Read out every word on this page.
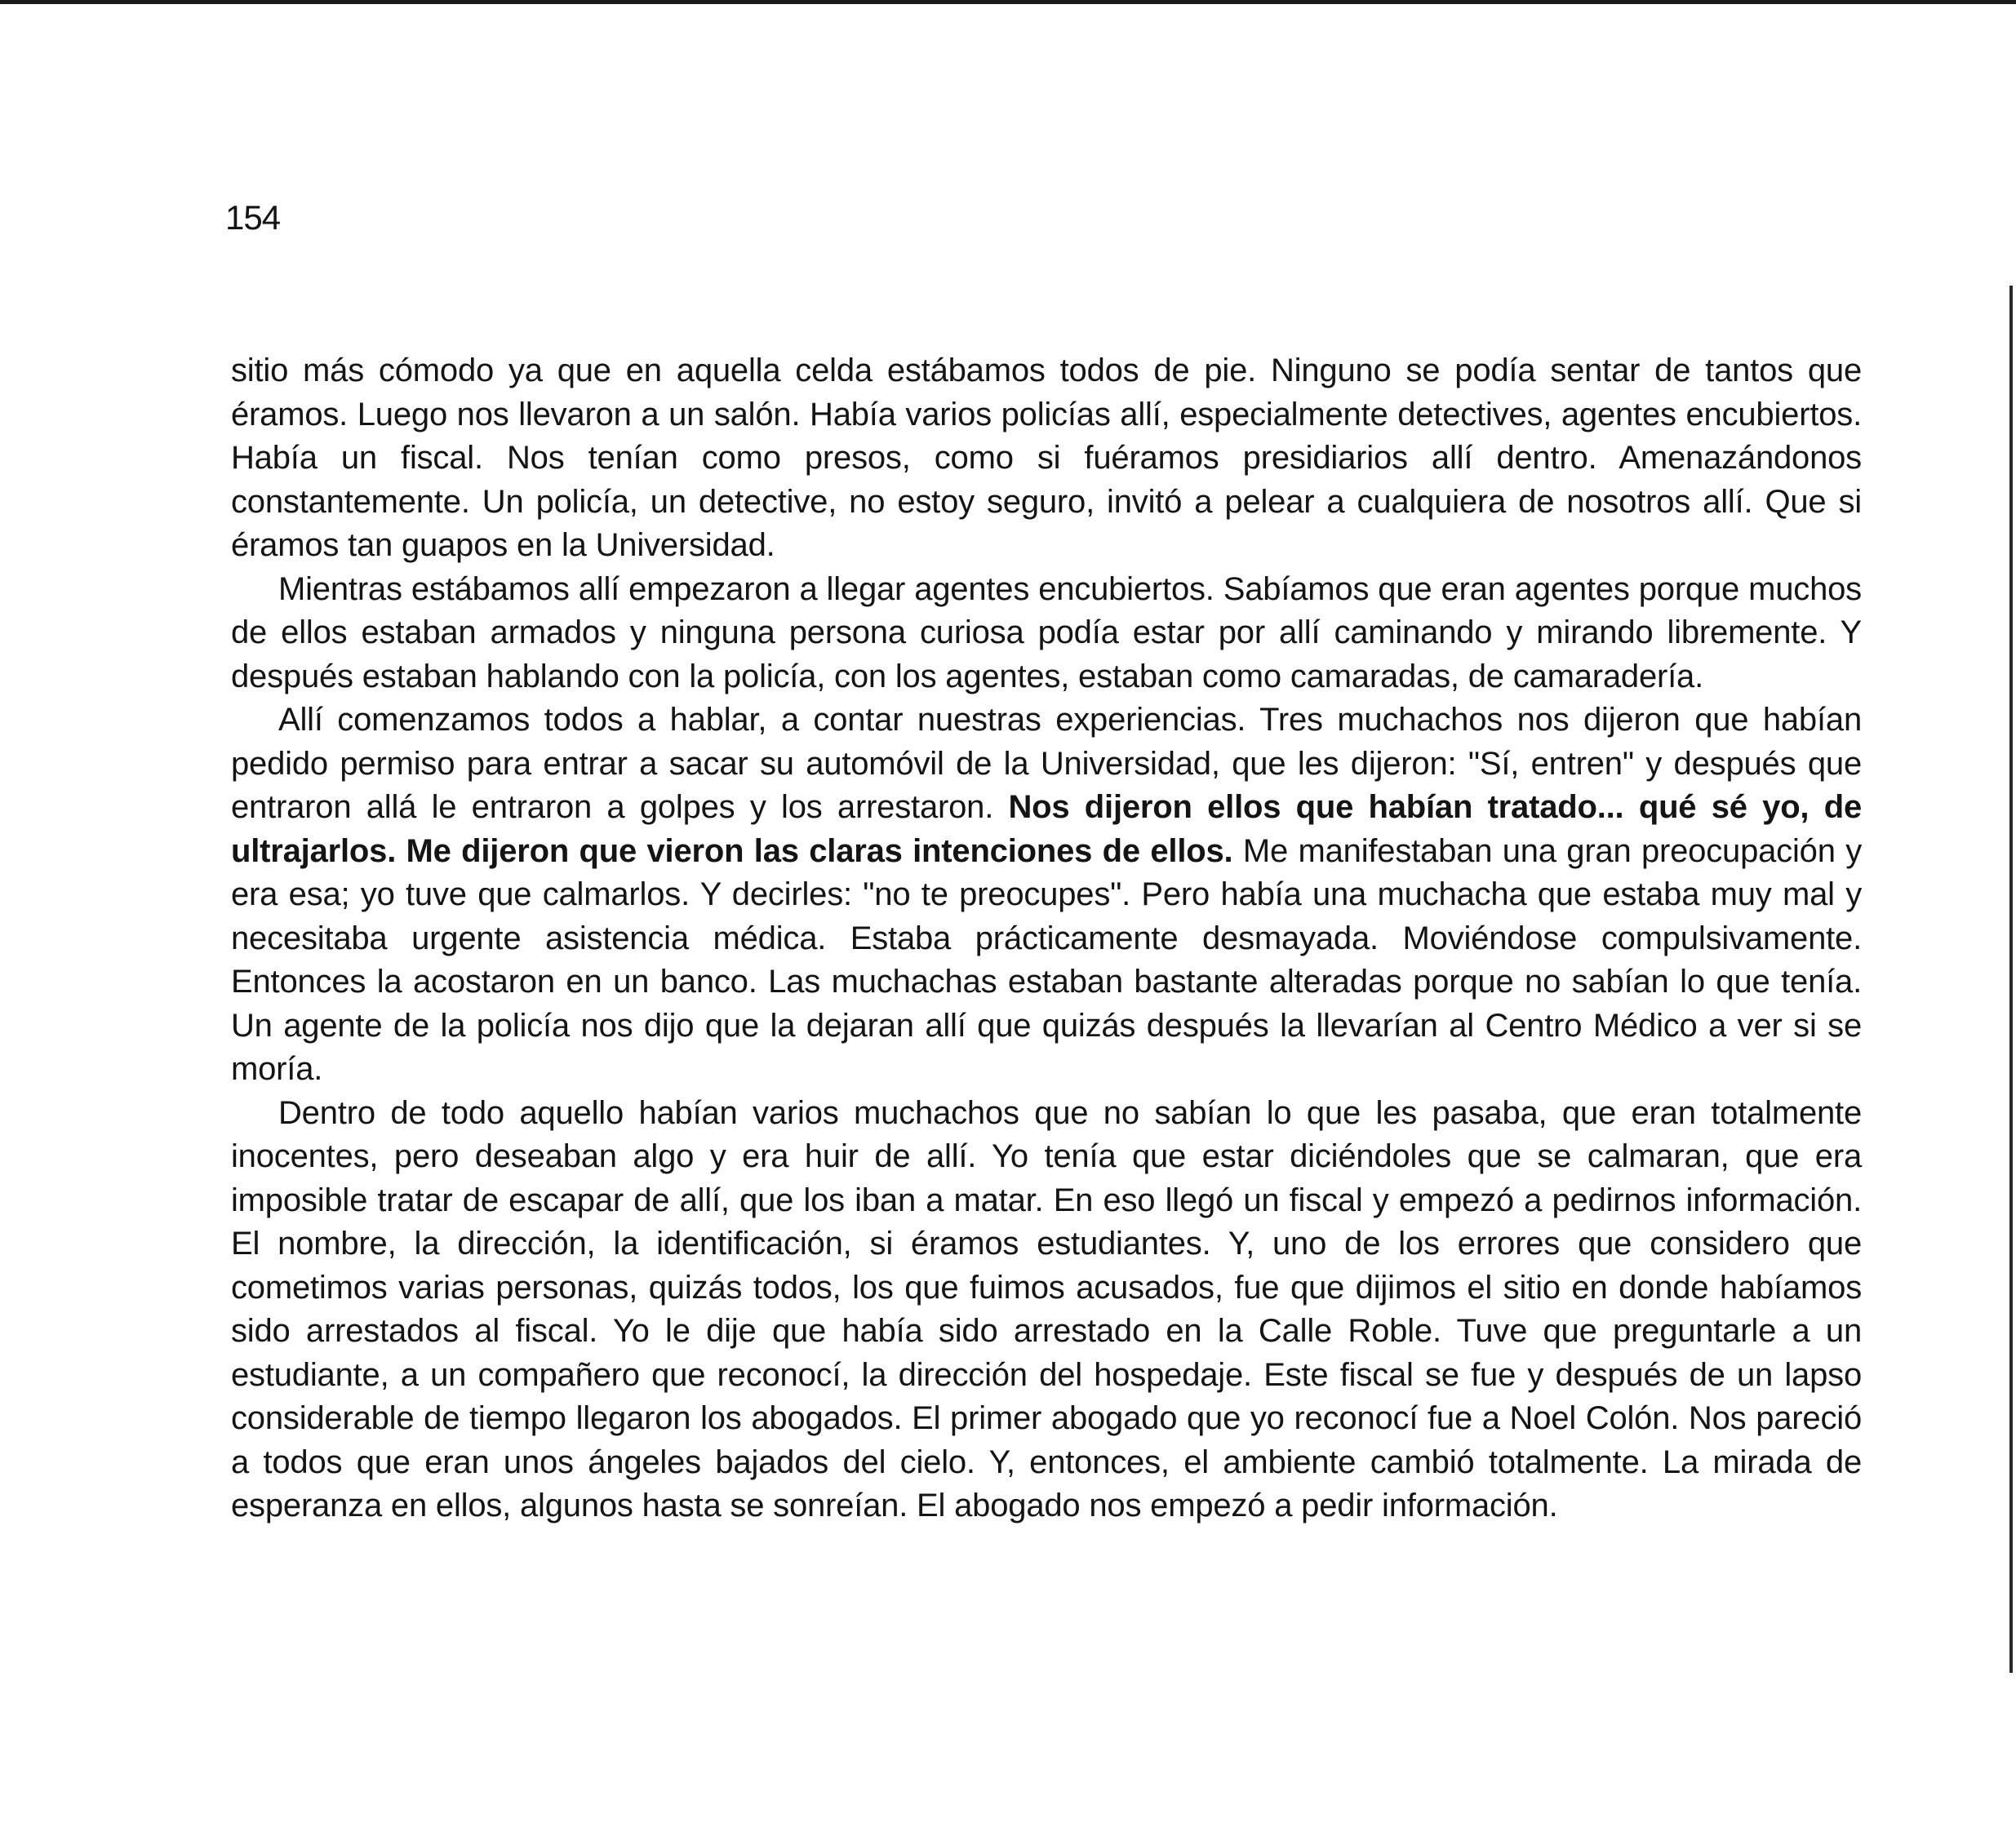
154

sitio más cómodo ya que en aquella celda estábamos todos de pie. Ninguno se podía sentar de tantos que éramos. Luego nos llevaron a un salón. Había varios policías allí, especialmente detectives, agentes encubiertos. Había un fiscal. Nos tenían como presos, como si fuéramos presidiarios allí dentro. Amenazándonos constantemente. Un policía, un detective, no estoy seguro, invitó a pelear a cualquiera de nosotros allí. Que si éramos tan guapos en la Universidad.

Mientras estábamos allí empezaron a llegar agentes encubiertos. Sabíamos que eran agentes porque muchos de ellos estaban armados y ninguna persona curiosa podía estar por allí caminando y mirando libremente. Y después estaban hablando con la policía, con los agentes, estaban como camaradas, de camaradería.

Allí comenzamos todos a hablar, a contar nuestras experiencias. Tres muchachos nos dijeron que habían pedido permiso para entrar a sacar su automóvil de la Universidad, que les dijeron: "Sí, entren" y después que entraron allá le entraron a golpes y los arrestaron. Nos dijeron ellos que habían tratado... qué sé yo, de ultrajarlos. Me dijeron que vieron las claras intenciones de ellos. Me manifestaban una gran preocupación y era esa; yo tuve que calmarlos. Y decirles: "no te preocupes". Pero había una muchacha que estaba muy mal y necesitaba urgente asistencia médica. Estaba prácticamente desmayada. Moviéndose compulsivamente. Entonces la acostaron en un banco. Las muchachas estaban bastante alteradas porque no sabían lo que tenía. Un agente de la policía nos dijo que la dejaran allí que quizás después la llevarían al Centro Médico a ver si se moría.

Dentro de todo aquello habían varios muchachos que no sabían lo que les pasaba, que eran totalmente inocentes, pero deseaban algo y era huir de allí. Yo tenía que estar diciéndoles que se calmaran, que era imposible tratar de escapar de allí, que los iban a matar. En eso llegó un fiscal y empezó a pedirnos información. El nombre, la dirección, la identificación, si éramos estudiantes. Y, uno de los errores que considero que cometimos varias personas, quizás todos, los que fuimos acusados, fue que dijimos el sitio en donde habíamos sido arrestados al fiscal. Yo le dije que había sido arrestado en la Calle Roble. Tuve que preguntarle a un estudiante, a un compañero que reconocí, la dirección del hospedaje. Este fiscal se fue y después de un lapso considerable de tiempo llegaron los abogados. El primer abogado que yo reconocí fue a Noel Colón. Nos pareció a todos que eran unos ángeles bajados del cielo. Y, entonces, el ambiente cambió totalmente. La mirada de esperanza en ellos, algunos hasta se sonreían. El abogado nos empezó a pedir información.
